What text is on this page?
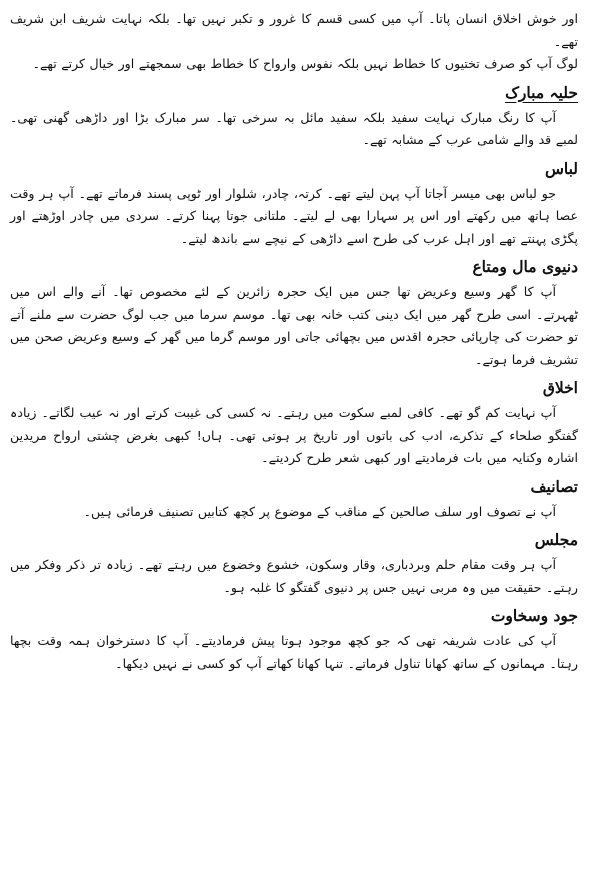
اور خوش اخلاق انسان پاتا۔ آپ میں کسی قسم کا غرور و تکبر نہیں تھا۔ بلکہ نہایت شریف ابن شریف تھے۔

لوگ آپ کو صرف تختیوں کا خطاط نہیں بلکہ نفوس وارواح کا خطاط بھی سمجھتے اور خیال کرتے تھے۔

حلیہ مبارک

آپ کا رنگ مبارک نہایت سفید بلکہ سفید مائل بہ سرخی تھا۔ سر مبارک بڑا اور داڑھی گھنی تھی۔ لمبے قد والے شامی عرب کے مشابہ تھے۔

لباس

جو لباس بھی میسر آجاتا آپ پہن لیتے تھے۔ کرتہ، چادر، شلوار اور ٹوپی پسند فرماتے تھے۔ آپ ہر وقت عصا ہاتھ میں رکھتے اور اس پر سہارا بھی لے لیتے۔ ملتانی جوتا پہنا کرتے۔ سردی میں چادر اوڑھتے اور پگڑی پہنتے تھے اور اہل عرب کی طرح اسے داڑھی کے نیچے سے باندھ لیتے۔

دنیوی مال ومتاع

آپ کا گھر وسیع وعریض تھا جس میں ایک حجرہ زائرین کے لئے مخصوص تھا۔ آنے والے اس میں ٹھہرتے۔ اسی طرح گھر میں ایک دینی کتب خانہ بھی تھا۔ موسم سرما میں جب لوگ حضرت سے ملنے آتے تو حضرت کی چارپائی حجرہ اقدس میں بچھائی جاتی اور موسم گرما میں گھر کے وسیع وعریض صحن میں تشریف فرما ہوتے۔

اخلاق

آپ نہایت کم گو تھے۔ کافی لمبے سکوت میں رہتے۔ نہ کسی کی غیبت کرتے اور نہ عیب لگاتے۔ زیادہ گفتگو صلحاء کے تذکرے، ادب کی باتوں اور تاریخ پر ہوتی تھی۔ ہاں! کبھی بغرض چشتی ارواح مریدین اشارہ وکنایہ میں بات فرمادیتے اور کبھی شعر طرح کردیتے۔

تصانیف

آپ نے تصوف اور سلف صالحین کے مناقب کے موضوع پر کچھ کتابیں تصنیف فرمائی ہیں۔

مجلس

آپ ہر وقت مقام حلم وبردباری، وقار وسکون، خشوع وخضوع میں رہتے تھے۔ زیادہ تر ذکر وفکر میں رہتے۔ حقیقت میں وہ مربی نہیں جس پر دنیوی گفتگو کا غلبہ ہو۔

جود وسخاوت

آپ کی عادت شریفہ تھی کہ جو کچھ موجود ہوتا پیش فرمادیتے۔ آپ کا دسترخوان ہمہ وقت بچھا رہتا۔ مہمانوں کے ساتھ کھانا تناول فرماتے۔ تنہا کھانا کھاتے آپ کو کسی نے نہیں دیکھا۔
